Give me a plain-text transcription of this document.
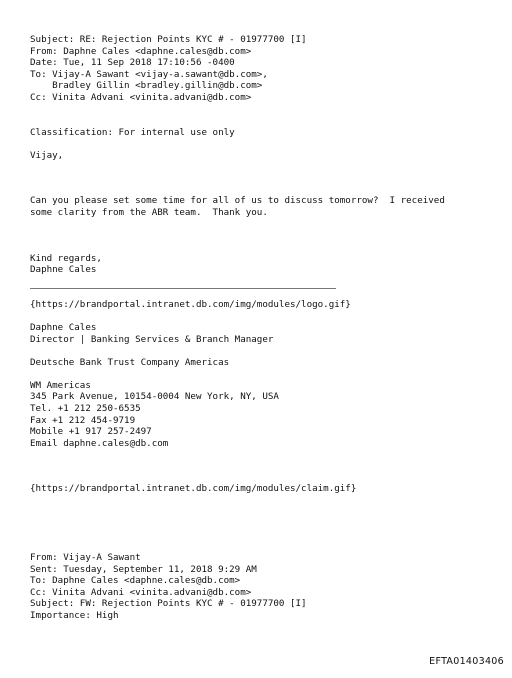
Subject: RE: Rejection Points KYC # - 01977700 [I]
From: Daphne Cales <daphne.cales@db.com>
Date: Tue, 11 Sep 2018 17:10:56 -0400
To: Vijay-A Sawant <vijay-a.sawant@db.com>,
Bradley Gillin <bradley.gillin@db.com>
Cc: Vinita Advani <vinita.advani@db.com>
Classification: For internal use only
Vijay,
Can you please set some time for all of us to discuss tomorrow?  I received
some clarity from the ABR team.  Thank you.
Kind regards,
Daphne Cales
{https://brandportal.intranet.db.com/img/modules/logo.gif}
Daphne Cales
Director | Banking Services & Branch Manager
Deutsche Bank Trust Company Americas
WM Americas
345 Park Avenue, 10154-0004 New York, NY, USA
Tel. +1 212 250-6535
Fax +1 212 454-9719
Mobile +1 917 257-2497
Email daphne.cales@db.com
{https://brandportal.intranet.db.com/img/modules/claim.gif}
From: Vijay-A Sawant
Sent: Tuesday, September 11, 2018 9:29 AM
To: Daphne Cales <daphne.cales@db.com>
Cc: Vinita Advani <vinita.advani@db.com>
Subject: FW: Rejection Points KYC # - 01977700 [I]
Importance: High
EFTA01403406
